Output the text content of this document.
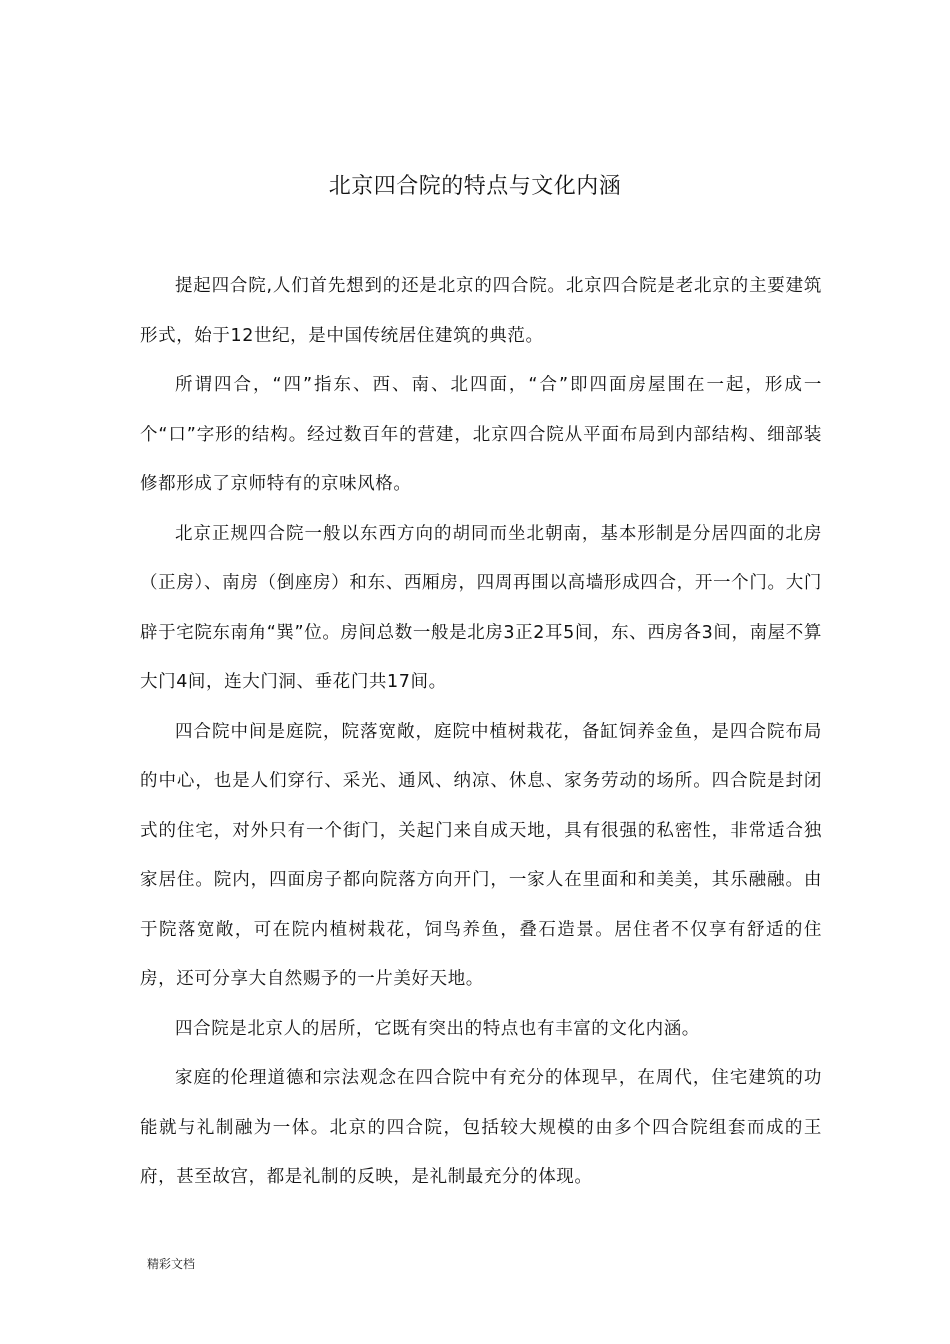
北京四合院的特点与文化内涵

提起四合院,人们首先想到的还是北京的四合院。北京四合院是老北京的主要建筑形式，始于12世纪，是中国传统居住建筑的典范。

所谓四合，“四”指东、西、南、北四面，“合”即四面房屋围在一起，形成一个“口”字形的结构。经过数百年的营建，北京四合院从平面布局到内部结构、细部装修都形成了京师特有的京味风格。

北京正规四合院一般以东西方向的胡同而坐北朝南，基本形制是分居四面的北房（正房）、南房（倒座房）和东、西厢房，四周再围以高墙形成四合，开一个门。大门辟于宅院东南角“巽”位。房间总数一般是北房3正2耳5间，东、西房各3间，南屋不算大门4间，连大门洞、垂花门共17间。

四合院中间是庭院，院落宽敞，庭院中植树栽花，备缸饲养金鱼，是四合院布局的中心，也是人们穿行、采光、通风、纳凉、休息、家务劳动的场所。四合院是封闭式的住宅，对外只有一个街门，关起门来自成天地，具有很强的私密性，非常适合独家居住。院内，四面房子都向院落方向开门，一家人在里面和和美美，其乐融融。由于院落宽敞，可在院内植树栽花，饲鸟养鱼，叠石造景。居住者不仅享有舒适的住房，还可分享大自然赐予的一片美好天地。

四合院是北京人的居所，它既有突出的特点也有丰富的文化内涵。

家庭的伦理道德和宗法观念在四合院中有充分的体现早，在周代，住宅建筑的功能就与礼制融为一体。北京的四合院，包括较大规模的由多个四合院组套而成的王府，甚至故宫，都是礼制的反映，是礼制最充分的体现。

精彩文档
